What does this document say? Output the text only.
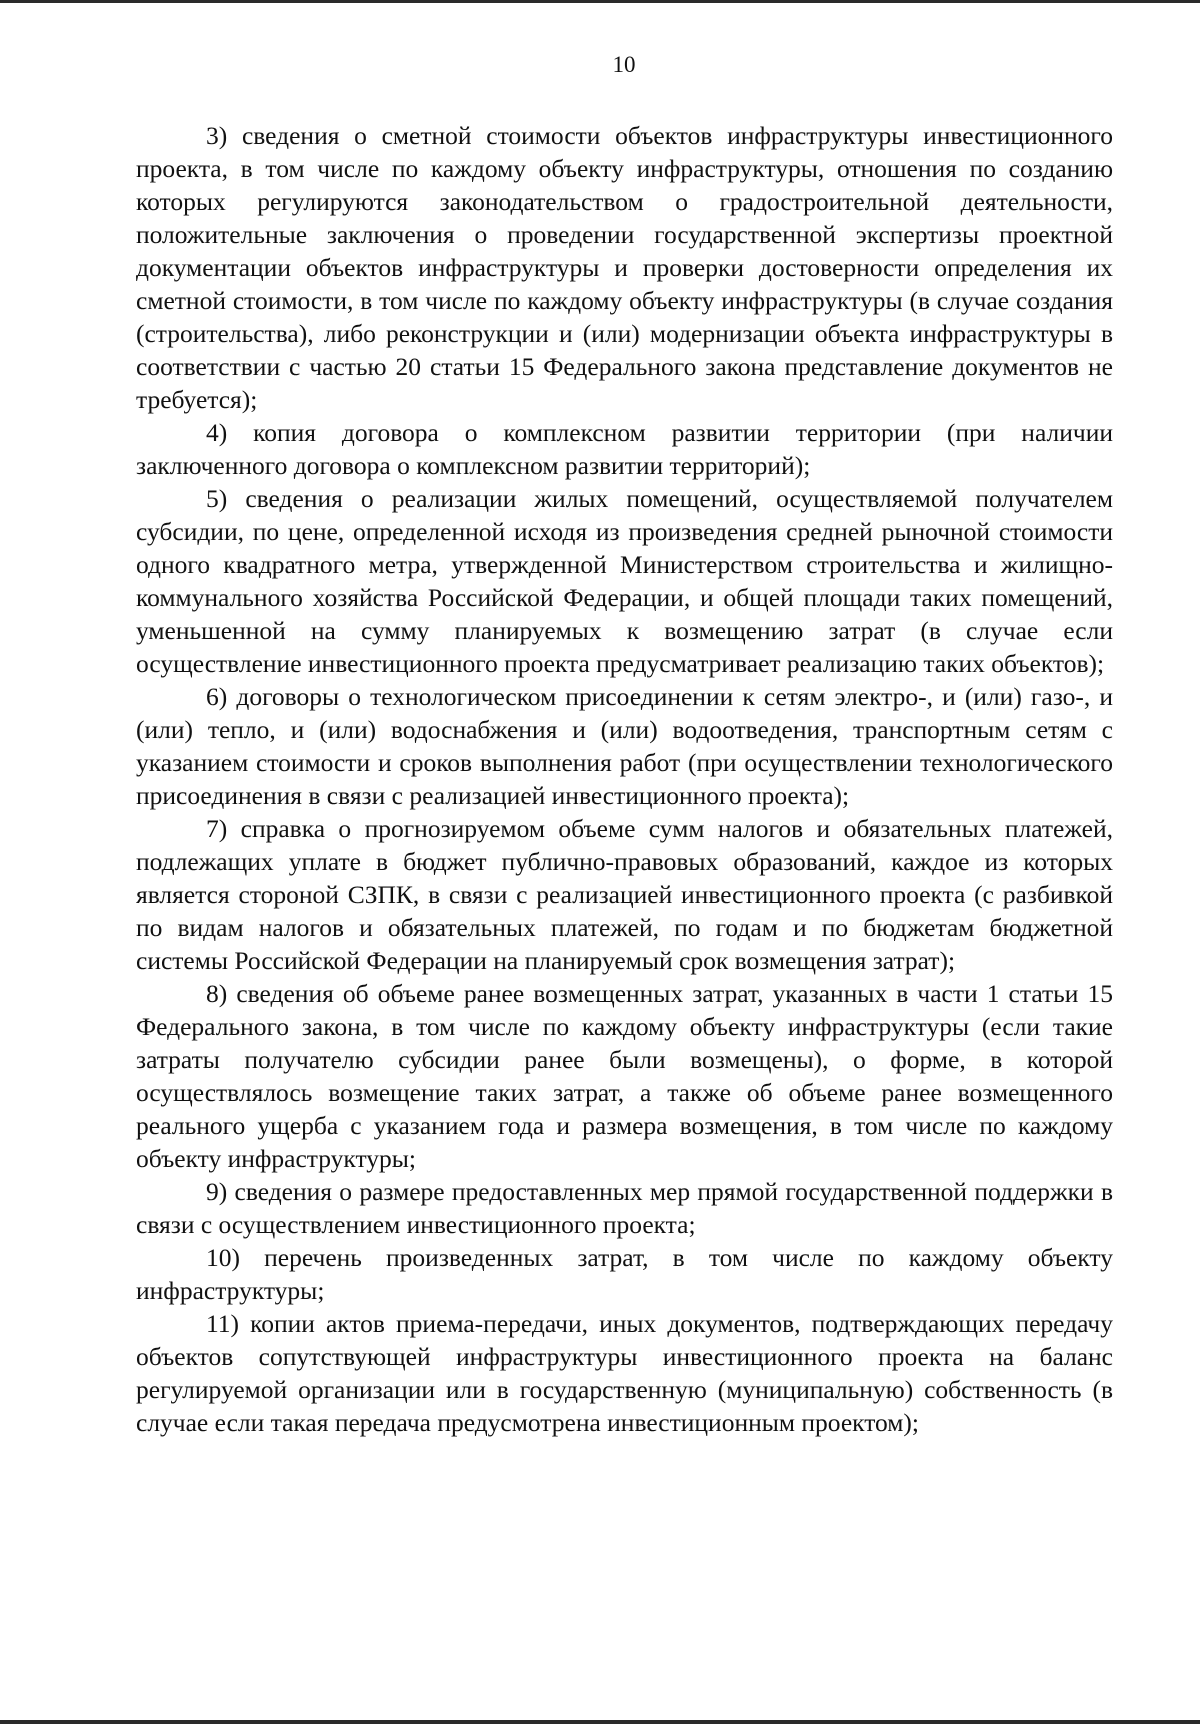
10

3) сведения о сметной стоимости объектов инфраструктуры инвестиционного проекта, в том числе по каждому объекту инфраструктуры, отношения по созданию которых регулируются законодательством о градостроительной деятельности, положительные заключения о проведении государственной экспертизы проектной документации объектов инфраструктуры и проверки достоверности определения их сметной стоимости, в том числе по каждому объекту инфраструктуры (в случае создания (строительства), либо реконструкции и (или) модернизации объекта инфраструктуры в соответствии с частью 20 статьи 15 Федерального закона представление документов не требуется);

4) копия договора о комплексном развитии территории (при наличии заключенного договора о комплексном развитии территорий);

5) сведения о реализации жилых помещений, осуществляемой получателем субсидии, по цене, определенной исходя из произведения средней рыночной стоимости одного квадратного метра, утвержденной Министерством строительства и жилищно-коммунального хозяйства Российской Федерации, и общей площади таких помещений, уменьшенной на сумму планируемых к возмещению затрат (в случае если осуществление инвестиционного проекта предусматривает реализацию таких объектов);

6) договоры о технологическом присоединении к сетям электро-, и (или) газо-, и (или) тепло, и (или) водоснабжения и (или) водоотведения, транспортным сетям с указанием стоимости и сроков выполнения работ (при осуществлении технологического присоединения в связи с реализацией инвестиционного проекта);

7) справка о прогнозируемом объеме сумм налогов и обязательных платежей, подлежащих уплате в бюджет публично-правовых образований, каждое из которых является стороной СЗПК, в связи с реализацией инвестиционного проекта (с разбивкой по видам налогов и обязательных платежей, по годам и по бюджетам бюджетной системы Российской Федерации на планируемый срок возмещения затрат);

8) сведения об объеме ранее возмещенных затрат, указанных в части 1 статьи 15 Федерального закона, в том числе по каждому объекту инфраструктуры (если такие затраты получателю субсидии ранее были возмещены), о форме, в которой осуществлялось возмещение таких затрат, а также об объеме ранее возмещенного реального ущерба с указанием года и размера возмещения, в том числе по каждому объекту инфраструктуры;

9) сведения о размере предоставленных мер прямой государственной поддержки в связи с осуществлением инвестиционного проекта;

10) перечень произведенных затрат, в том числе по каждому объекту инфраструктуры;

11) копии актов приема-передачи, иных документов, подтверждающих передачу объектов сопутствующей инфраструктуры инвестиционного проекта на баланс регулируемой организации или в государственную (муниципальную) собственность (в случае если такая передача предусмотрена инвестиционным проектом);
